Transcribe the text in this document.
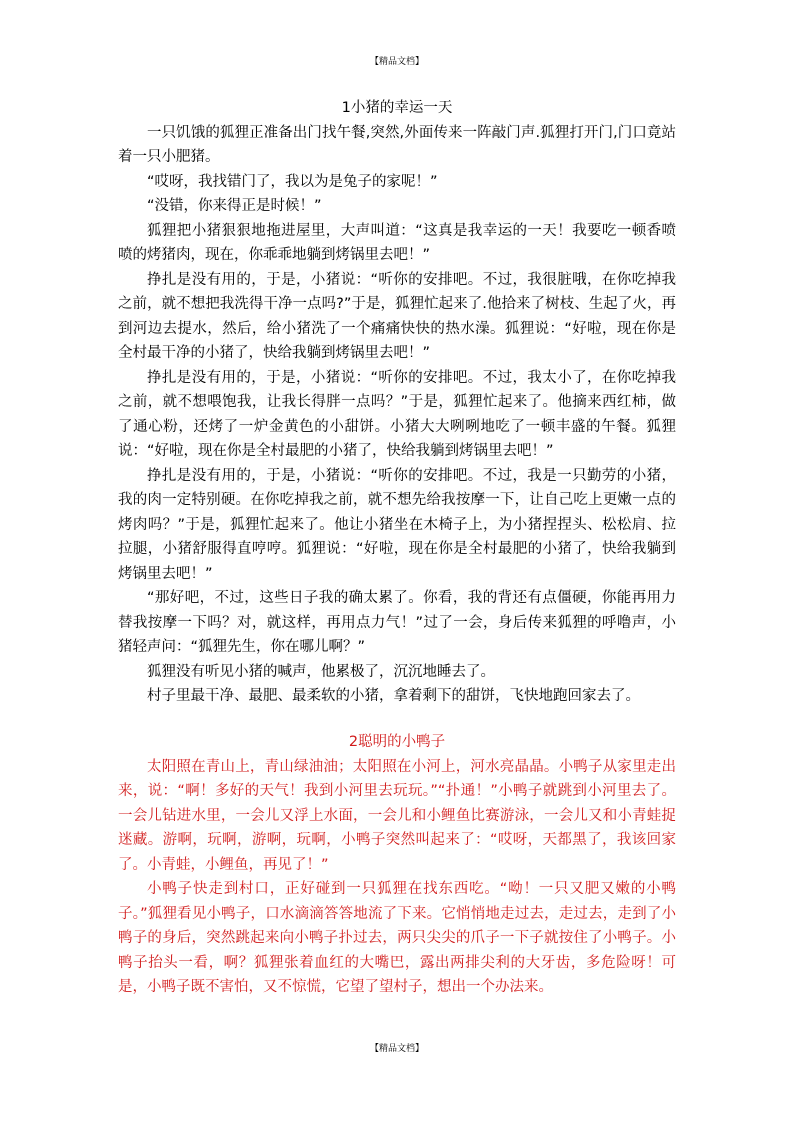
【精品文档】
1小猪的幸运一天

一只饥饿的狐狸正准备出门找午餐,突然,外面传来一阵敲门声.狐狸打开门,门口竟站着一只小肥猪。

“哎呀，我找错门了，我以为是兔子的家呢！”

“没错，你来得正是时候！”

狐狸把小猪狠狠地拖进屋里，大声叫道：“这真是我幸运的一天！我要吃一顿香喷喷的烤猪肉，现在，你乖乖地躺到烤锅里去吧！”

挣扎是没有用的，于是，小猪说：“听你的安排吧。不过，我很脏哦，在你吃掉我之前，就不想把我洗得干净一点吗?”于是，狐狸忙起来了.他拾来了树枝、生起了火，再到河边去提水，然后，给小猪洗了一个痛痛快快的热水澡。狐狸说：“好啦，现在你是全村最干净的小猪了，快给我躺到烤锅里去吧！”

挣扎是没有用的，于是，小猪说：“听你的安排吧。不过，我太小了，在你吃掉我之前，就不想喂饱我，让我长得胖一点吗？”于是，狐狸忙起来了。他摘来西红柿，做了通心粉，还烤了一炉金黄色的小甜饼。小猪大大咧咧地吃了一顿丰盛的午餐。狐狸说：“好啦，现在你是全村最肥的小猪了，快给我躺到烤锅里去吧！”

挣扎是没有用的，于是，小猪说：“听你的安排吧。不过，我是一只勤劳的小猪，我的肉一定特别硬。在你吃掉我之前，就不想先给我按摩一下，让自己吃上更嫩一点的烤肉吗？”于是，狐狸忙起来了。他让小猪坐在木椅子上，为小猪捏捏头、松松肩、拉拉腿，小猪舒服得直哼哼。狐狸说：“好啦，现在你是全村最肥的小猪了，快给我躺到烤锅里去吧！”

“那好吧，不过，这些日子我的确太累了。你看，我的背还有点僵硬，你能再用力替我按摩一下吗？对，就这样，再用点力气！”过了一会，身后传来狐狸的呼噜声，小猪轻声问：“狐狸先生，你在哪儿啊？”

狐狸没有听见小猪的喊声，他累极了，沉沉地睡去了。

村子里最干净、最肥、最柔软的小猪，拿着剩下的甜饼，飞快地跑回家去了。

2聪明的小鸭子

太阳照在青山上，青山绿油油；太阳照在小河上，河水亮晶晶。小鸭子从家里走出来，说：“啊！多好的天气！我到小河里去玩玩。”“扑通！”小鸭子就跳到小河里去了。一会儿钻进水里，一会儿又浮上水面，一会儿和小鲤鱼比赛游泳，一会儿又和小青蛙捉迷藏。游啊，玩啊，游啊，玩啊，小鸭子突然叫起来了：“哎呀，天都黑了，我该回家了。小青蛙，小鲤鱼，再见了！”

小鸭子快走到村口，正好碰到一只狐狸在找东西吃。“呦！一只又肥又嫩的小鸭子。”狐狸看见小鸭子，口水滴滴答答地流了下来。它悄悄地走过去，走过去，走到了小鸭子的身后，突然跳起来向小鸭子扑过去，两只尖尖的爪子一下子就按住了小鸭子。小鸭子抬头一看，啊？狐狸张着血红的大嘴巴，露出两排尖利的大牙齿，多危险呀！可是，小鸭子既不害怕，又不惊慌，它望了望村子，想出一个办法来。

【精品文档】
